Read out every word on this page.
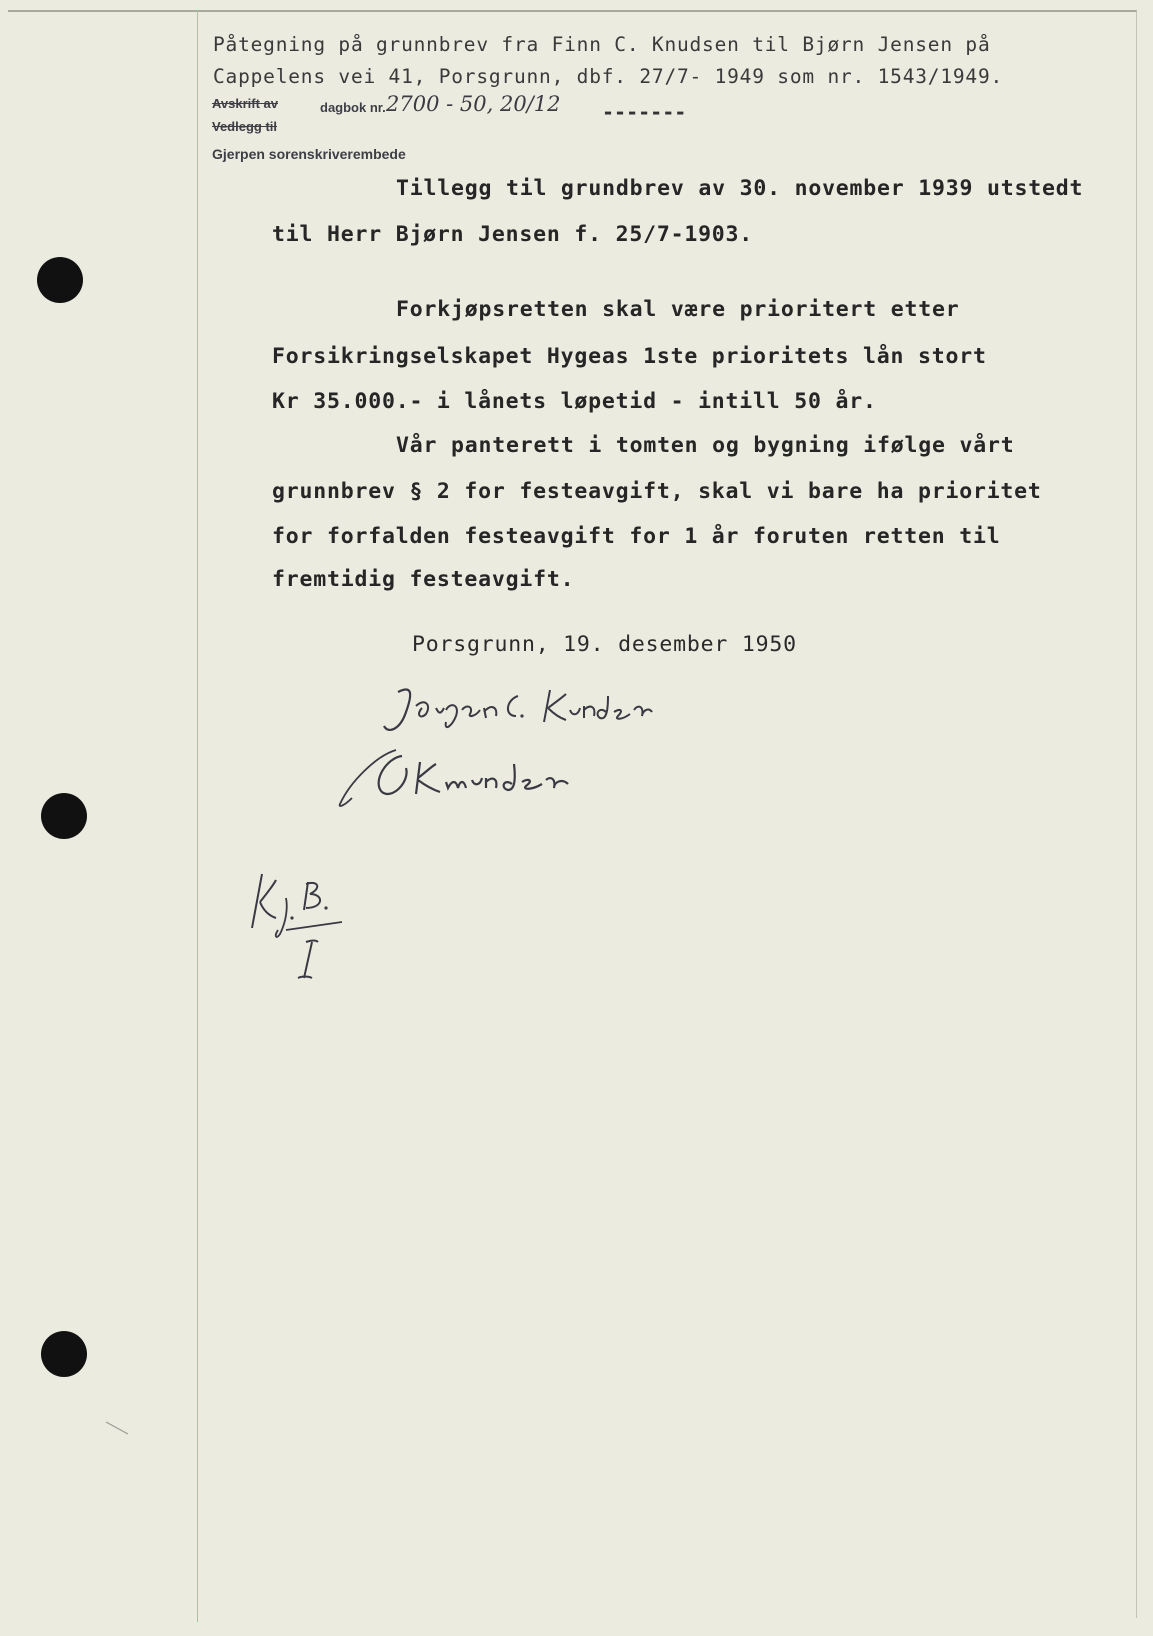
Påtegning på grunnbrev fra Finn C. Knudsen til Bjørn Jensen på
Cappelens vei 41, Porsgrunn, dbf. 27/7- 1949 som nr. 1543/1949.
Avskrift av	dagbok nr. 2700 - 50, 20/12 -------
Vedlegg til
Gjerpen sorenskriverembede
Tillegg til grundbrev av 30. november 1939 utstedt
til Herr Bjørn Jensen f. 25/7-1903.
Forkjøpsretten skal være prioritert etter
Forsikringselskapet Hygeas 1ste prioritets lån stort
Kr 35.000.- i lånets løpetid - intill 50 år.
Vår panterett i tomten og bygning ifølge vårt
grunnbrev § 2 for festeavgift, skal vi bare ha prioritet
for forfalden festeavgift for 1 år foruten retten til
fremtidig festeavgift.
Porsgrunn, 19. desember 1950
